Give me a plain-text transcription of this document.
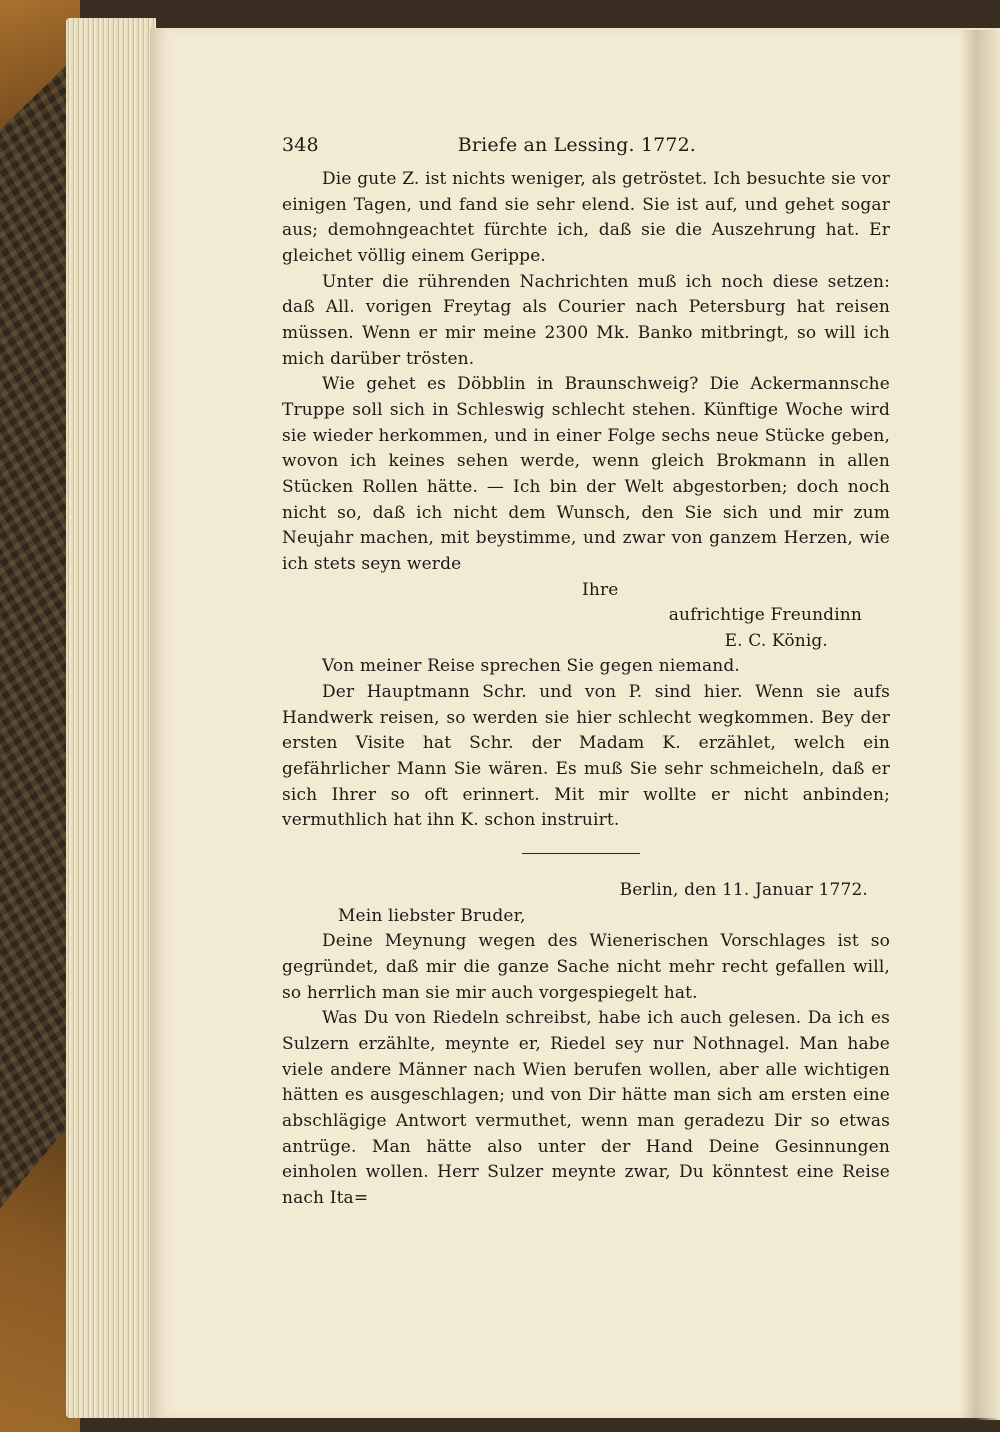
348	Briefe an Lessing. 1772.

Die gute Z. ist nichts weniger, als getröstet. Ich besuchte sie vor einigen Tagen, und fand sie sehr elend. Sie ist auf, und gehet sogar aus; demohngeachtet fürchte ich, daß sie die Auszehrung hat. Er gleichet völlig einem Gerippe.

Unter die rührenden Nachrichten muß ich noch diese setzen: daß All. vorigen Freytag als Courier nach Petersburg hat reisen müssen. Wenn er mir meine 2300 Mk. Banko mitbringt, so will ich mich darüber trösten.

Wie gehet es Döbblin in Braunschweig? Die Ackermannsche Truppe soll sich in Schleswig schlecht stehen. Künftige Woche wird sie wieder herkommen, und in einer Folge sechs neue Stücke geben, wovon ich keines sehen werde, wenn gleich Brokmann in allen Stücken Rollen hätte. — Ich bin der Welt abgestorben; doch noch nicht so, daß ich nicht dem Wunsch, den Sie sich und mir zum Neujahr machen, mit beystimme, und zwar von ganzem Herzen, wie ich stets seyn werde

Ihre

aufrichtige Freundinn

E. C. König.

Von meiner Reise sprechen Sie gegen niemand.

Der Hauptmann Schr. und von P. sind hier. Wenn sie aufs Handwerk reisen, so werden sie hier schlecht wegkommen. Bey der ersten Visite hat Schr. der Madam K. erzählet, welch ein gefährlicher Mann Sie wären. Es muß Sie sehr schmeicheln, daß er sich Ihrer so oft erinnert. Mit mir wollte er nicht anbinden; vermuthlich hat ihn K. schon instruirt.

Berlin, den 11. Januar 1772.

Mein liebster Bruder,

Deine Meynung wegen des Wienerischen Vorschlages ist so gegründet, daß mir die ganze Sache nicht mehr recht gefallen will, so herrlich man sie mir auch vorgespiegelt hat.

Was Du von Riedeln schreibst, habe ich auch gelesen. Da ich es Sulzern erzählte, meynte er, Riedel sey nur Nothnagel. Man habe viele andere Männer nach Wien berufen wollen, aber alle wichtigen hätten es ausgeschlagen; und von Dir hätte man sich am ersten eine abschlägige Antwort vermuthet, wenn man geradezu Dir so etwas antrüge. Man hätte also unter der Hand Deine Gesinnungen einholen wollen. Herr Sulzer meynte zwar, Du könntest eine Reise nach Ita=
